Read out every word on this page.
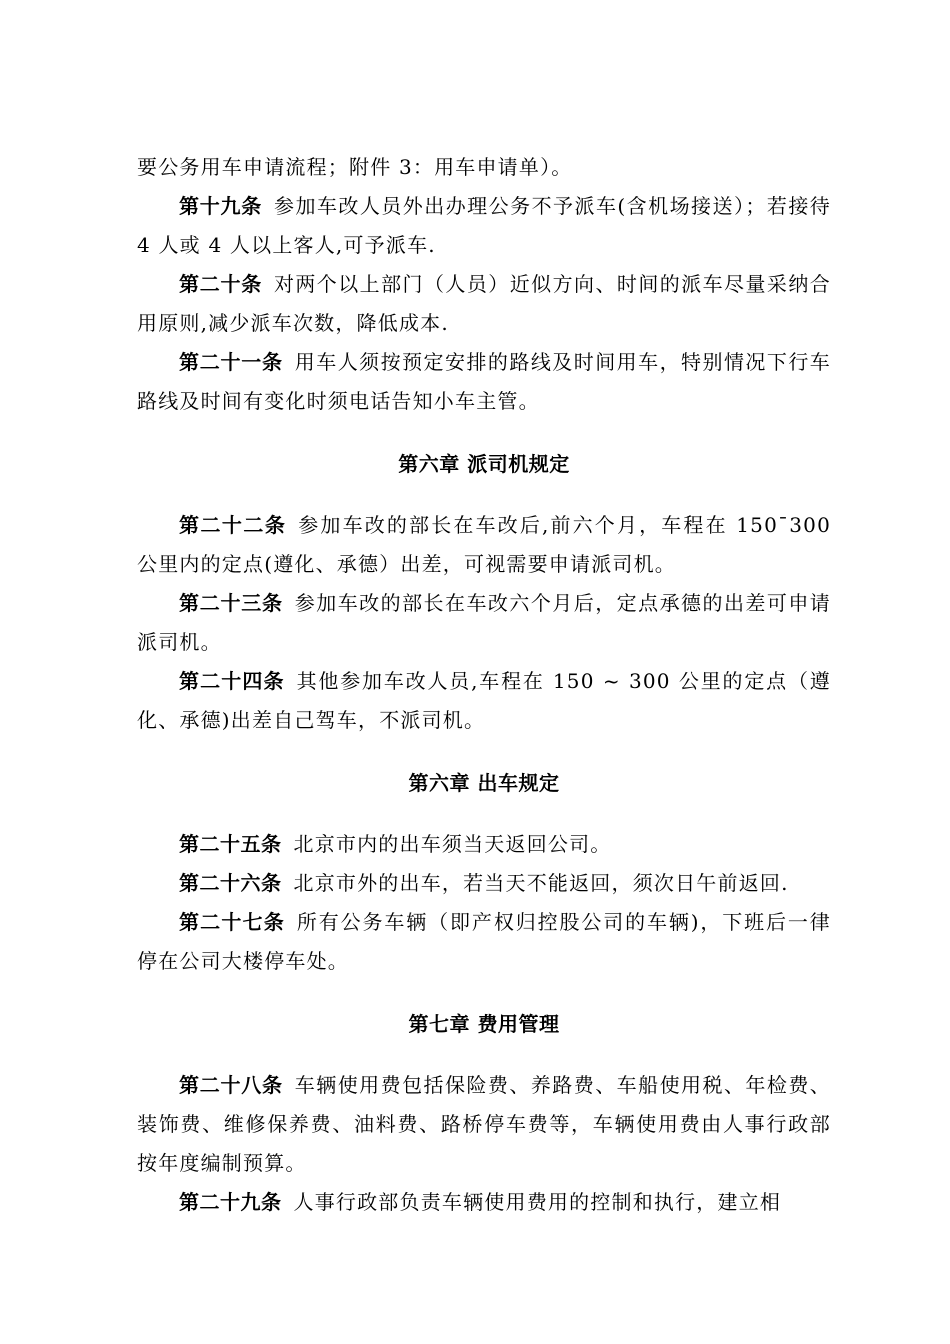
要公务用车申请流程；附件 3：用车申请单）。

第十九条 参加车改人员外出办理公务不予派车(含机场接送）；若接待 4 人或 4 人以上客人,可予派车.

第二十条 对两个以上部门（人员）近似方向、时间的派车尽量采纳合用原则,减少派车次数，降低成本.

第二十一条 用车人须按预定安排的路线及时间用车，特别情况下行车路线及时间有变化时须电话告知小车主管。

第六章 派司机规定

第二十二条 参加车改的部长在车改后,前六个月，车程在 150¯300 公里内的定点(遵化、承德）出差，可视需要申请派司机。

第二十三条 参加车改的部长在车改六个月后，定点承德的出差可申请派司机。

第二十四条 其他参加车改人员,车程在 150 ~ 300 公里的定点（遵化、承德)出差自己驾车，不派司机。

第六章 出车规定

第二十五条 北京市内的出车须当天返回公司。

第二十六条 北京市外的出车，若当天不能返回，须次日午前返回.

第二十七条 所有公务车辆（即产权归控股公司的车辆)，下班后一律停在公司大楼停车处。

第七章 费用管理

第二十八条 车辆使用费包括保险费、养路费、车船使用税、年检费、装饰费、维修保养费、油料费、路桥停车费等，车辆使用费由人事行政部按年度编制预算。

第二十九条 人事行政部负责车辆使用费用的控制和执行，建立相
